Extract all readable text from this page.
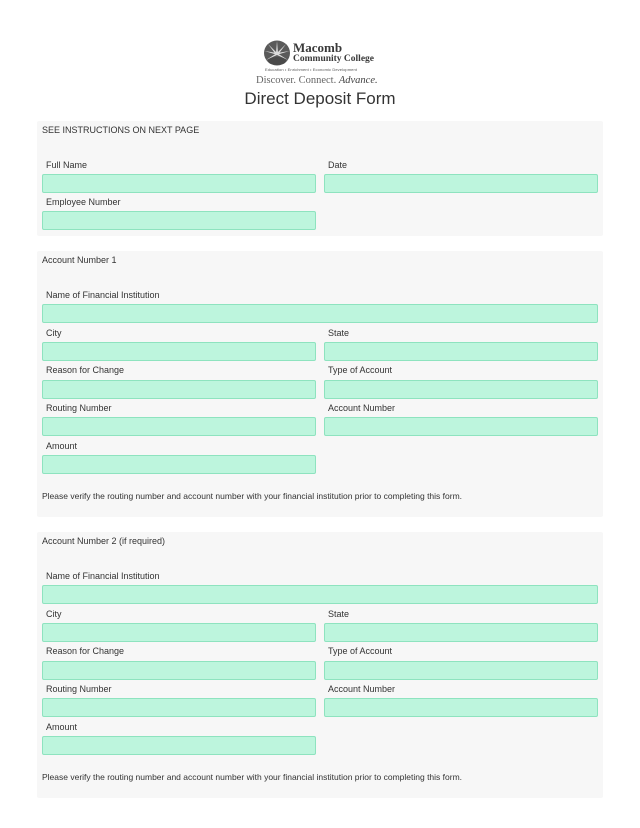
Macomb
Community College
Education • Enrichment • Economic Development
Discover. Connect. Advance.
Direct Deposit Form
SEE INSTRUCTIONS ON NEXT PAGE
Full Name	Date
Employee Number
Account Number 1
Name of Financial Institution
City	State
Reason for Change	Type of Account
Routing Number	Account Number
Amount
Please verify the routing number and account number with your financial institution prior to completing this form.
Account Number 2 (if required)
Name of Financial Institution
City	State
Reason for Change	Type of Account
Routing Number	Account Number
Amount
Please verify the routing number and account number with your financial institution prior to completing this form.
